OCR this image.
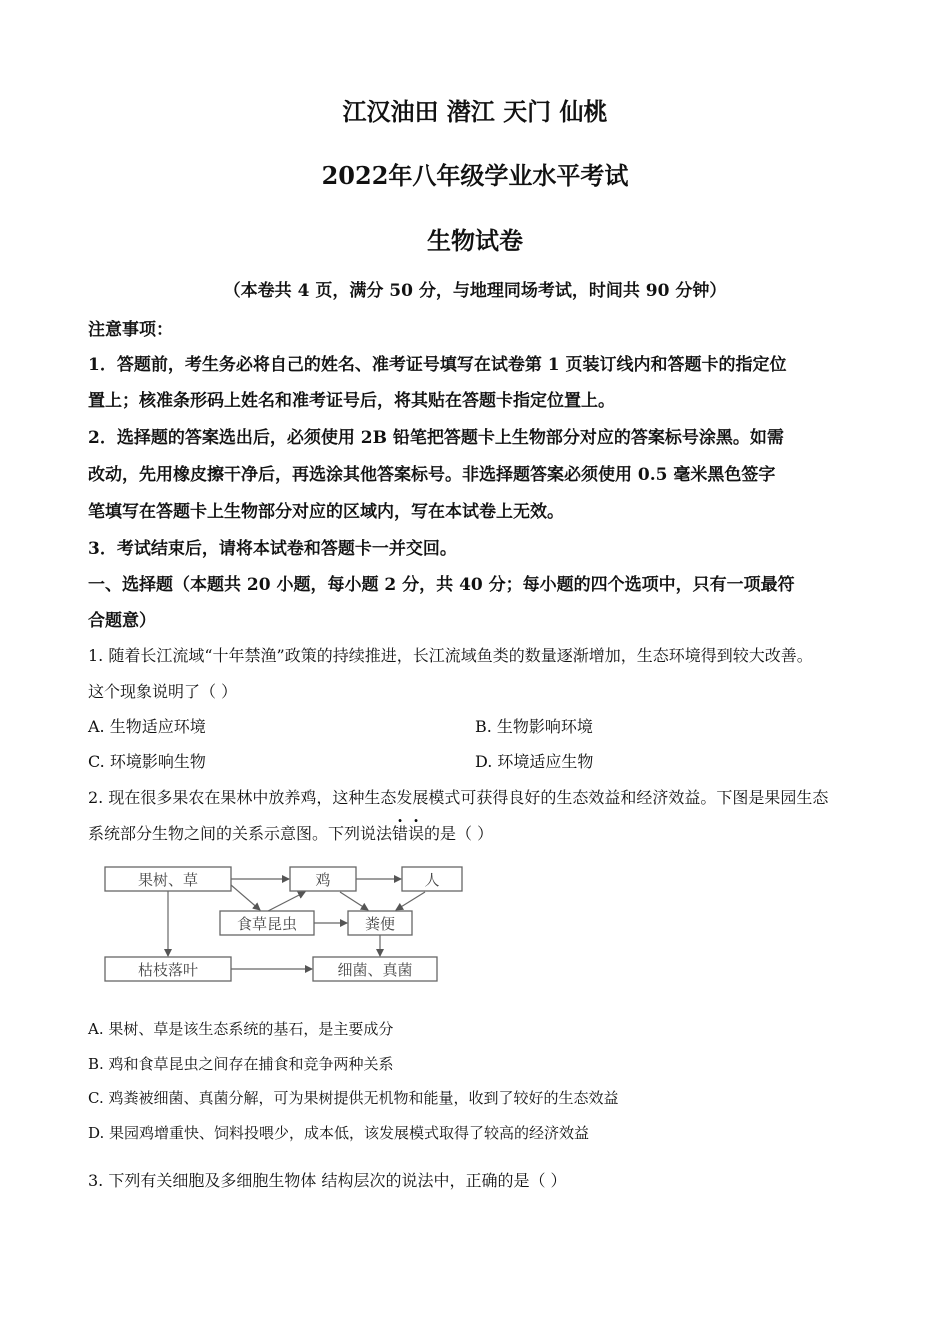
江汉油田 潜江 天门 仙桃
2022年八年级学业水平考试
生物试卷
（本卷共 4 页，满分 50 分，与地理同场考试，时间共 90 分钟）
注意事项：
1．答题前，考生务必将自己的姓名、准考证号填写在试卷第 1 页装订线内和答题卡的指定位
置上；核准条形码上姓名和准考证号后，将其贴在答题卡指定位置上。
2．选择题的答案选出后，必须使用 2B 铅笔把答题卡上生物部分对应的答案标号涂黑。如需
改动，先用橡皮擦干净后，再选涂其他答案标号。非选择题答案必须使用 0.5 毫米黑色签字
笔填写在答题卡上生物部分对应的区域内，写在本试卷上无效。
3．考试结束后，请将本试卷和答题卡一并交回。
一、选择题（本题共 20 小题，每小题 2 分，共 40 分；每小题的四个选项中，只有一项最符
合题意）
1. 随着长江流域“十年禁渔”政策的持续推进，长江流域鱼类的数量逐渐增加，生态环境得到较大改善。
这个现象说明了（ ）
A. 生物适应环境	B. 生物影响环境
C. 环境影响生物	D. 环境适应生物
2. 现在很多果农在果林中放养鸡，这种生态发展模式可获得良好的生态效益和经济效益。下图是果园生态
系统部分生物之间的关系示意图。下列说法错误的是（ ）
果树、草	鸡	人
食草昆虫	粪便
枯枝落叶	细菌、真菌
A. 果树、草是该生态系统的基石，是主要成分
B. 鸡和食草昆虫之间存在捕食和竞争两种关系
C. 鸡粪被细菌、真菌分解，可为果树提供无机物和能量，收到了较好的生态效益
D. 果园鸡增重快、饲料投喂少，成本低，该发展模式取得了较高的经济效益
3. 下列有关细胞及多细胞生物体 结构层次的说法中，正确的是（ ）
